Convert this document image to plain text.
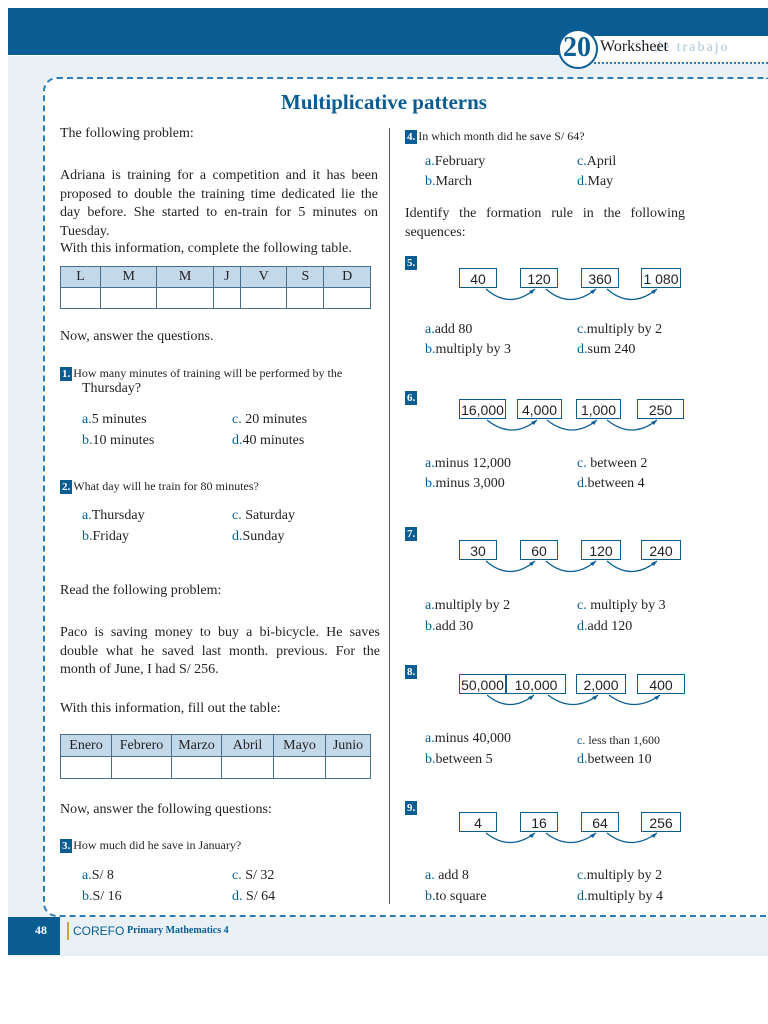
20	de trabajo
Worksheet
Multiplicative patterns
The following problem:
Adriana is training for a competition and it has been proposed to double the training time dedicated lie the day before. She started to en-train for 5 minutes on Tuesday.
With this information, complete the following table.
L	M	M	J	V	S	D

Now, answer the questions.
1. How many minutes of training will be performed by the
Thursday?
a.5 minutes	c. 20 minutes
b.10 minutes	d.40 minutes
2. What day will he train for 80 minutes?
a.Thursday	c. Saturday
b.Friday	d.Sunday
Read the following problem:
Paco is saving money to buy a bi-bicycle. He saves double what he saved last month. previous. For the month of June, I had S/ 256.
With this information, fill out the table:
Enero	Febrero	Marzo	Abril	Mayo	Junio

Now, answer the following questions:
3. How much did he save in January?
a.S/ 8	c. S/ 32
b.S/ 16	d. S/ 64
4. In which month did he save S/ 64?
a.February	c.April
b.March	d.May
Identify the formation rule in the following sequences:
5.
40	120	360	1 080
a.add 80	c.multiply by 2
b.multiply by 3	d.sum 240
6.
16,000	4,000	1,000	250
a.minus 12,000	c. between 2
b.minus 3,000	d.between 4
7.
30	60	120	240
a.multiply by 2	c. multiply by 3
b.add 30	d.add 120
8.
50,000 10,000	2,000	400
a.minus 40,000	c. less than 1,600
b.between 5	d.between 10
9.
4	16	64	256
a. add 8	c.multiply by 2
b.to square	d.multiply by 4
48 COREFO Primary Mathematics 4
